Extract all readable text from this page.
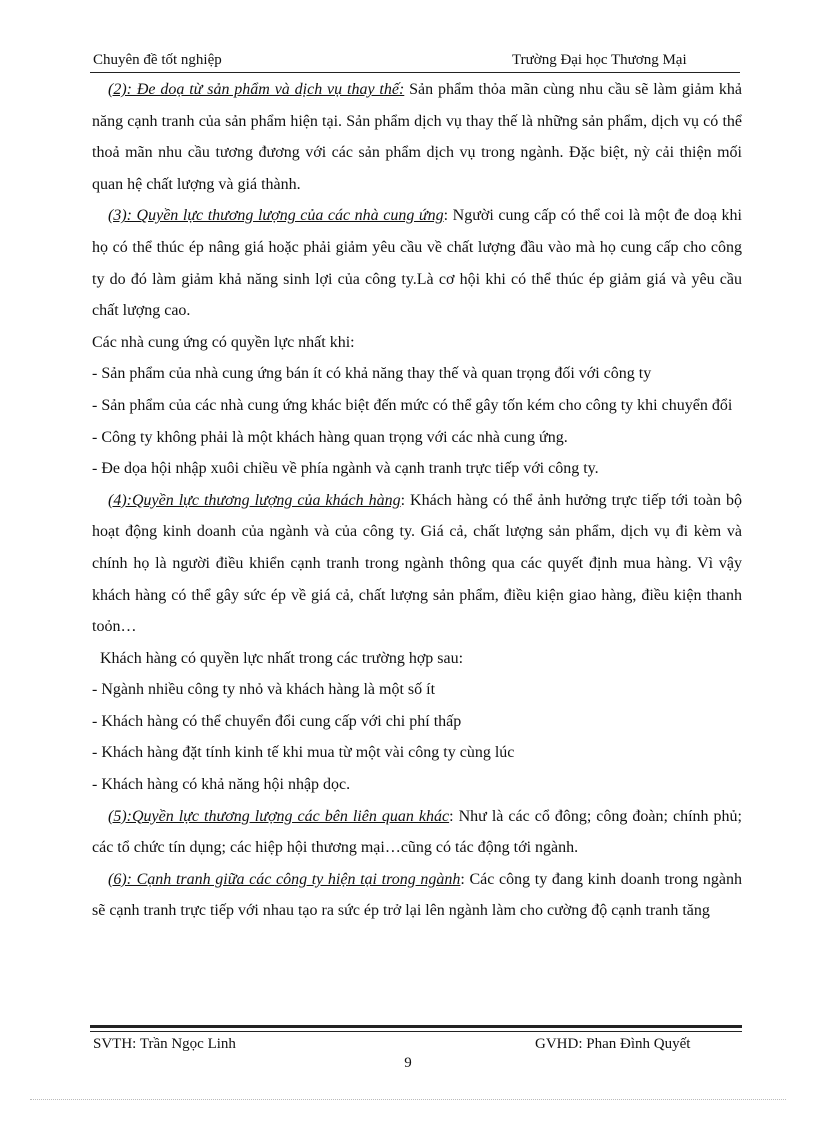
Chuyên đề tốt nghiệp	Trường Đại học Thương Mại

(2): Đe doạ từ sản phẩm và dịch vụ thay thế: Sản phẩm thỏa mãn cùng nhu cầu sẽ làm giảm khả năng cạnh tranh của sản phẩm hiện tại. Sản phẩm dịch vụ thay thế là những sản phẩm, dịch vụ có thể thoả mãn nhu cầu tương đương với các sản phẩm dịch vụ trong ngành. Đặc biệt, nỳ cải thiện mối quan hệ chất lượng và giá thành.

(3): Quyền lực thương lượng của các nhà cung ứng: Người cung cấp có thể coi là một đe doạ khi họ có thể thúc ép nâng giá hoặc phải giảm yêu cầu về chất lượng đầu vào mà họ cung cấp cho công ty do đó làm giảm khả năng sinh lợi của công ty.Là cơ hội khi có thể thúc ép giảm giá và yêu cầu chất lượng cao.

Các nhà cung ứng có quyền lực nhất khi:

- Sản phẩm của nhà cung ứng bán ít có khả năng thay thế và quan trọng đối với công ty

- Sản phẩm của các nhà cung ứng khác biệt đến mức có thể gây tốn kém cho công ty khi chuyển đổi

- Công ty không phải là một khách hàng quan trọng với các nhà cung ứng.

- Đe dọa hội nhập xuôi chiều về phía ngành và cạnh tranh trực tiếp với công ty.

(4):Quyền lực thương lượng của khách hàng: Khách hàng có thể ảnh hưởng trực tiếp tới toàn bộ hoạt động kinh doanh của ngành và của công ty. Giá cả, chất lượng sản phẩm, dịch vụ đi kèm và chính họ là người điều khiển cạnh tranh trong ngành thông qua các quyết định mua hàng. Vì vậy khách hàng có thể gây sức ép về giá cả, chất lượng sản phẩm, điều kiện giao hàng, điều kiện thanh toỏn…

Khách hàng có quyền lực nhất trong các trường hợp sau:

- Ngành nhiều công ty nhỏ và khách hàng là một số ít

- Khách hàng có thể chuyển đổi cung cấp với chi phí thấp

- Khách hàng đặt tính kinh tế khi mua từ một vài công ty cùng lúc

- Khách hàng có khả năng hội nhập dọc.

(5):Quyền lực thương lượng các bên liên quan khác: Như là các cổ đông; công đoàn; chính phủ; các tổ chức tín dụng; các hiệp hội thương mại…cũng có tác động tới ngành.

(6): Cạnh tranh giữa các công ty hiện tại trong ngành: Các công ty đang kinh doanh trong ngành sẽ cạnh tranh trực tiếp với nhau tạo ra sức ép trở lại lên ngành làm cho cường độ cạnh tranh tăng

SVTH: Trần Ngọc Linh	GVHD: Phan Đình Quyết
9
